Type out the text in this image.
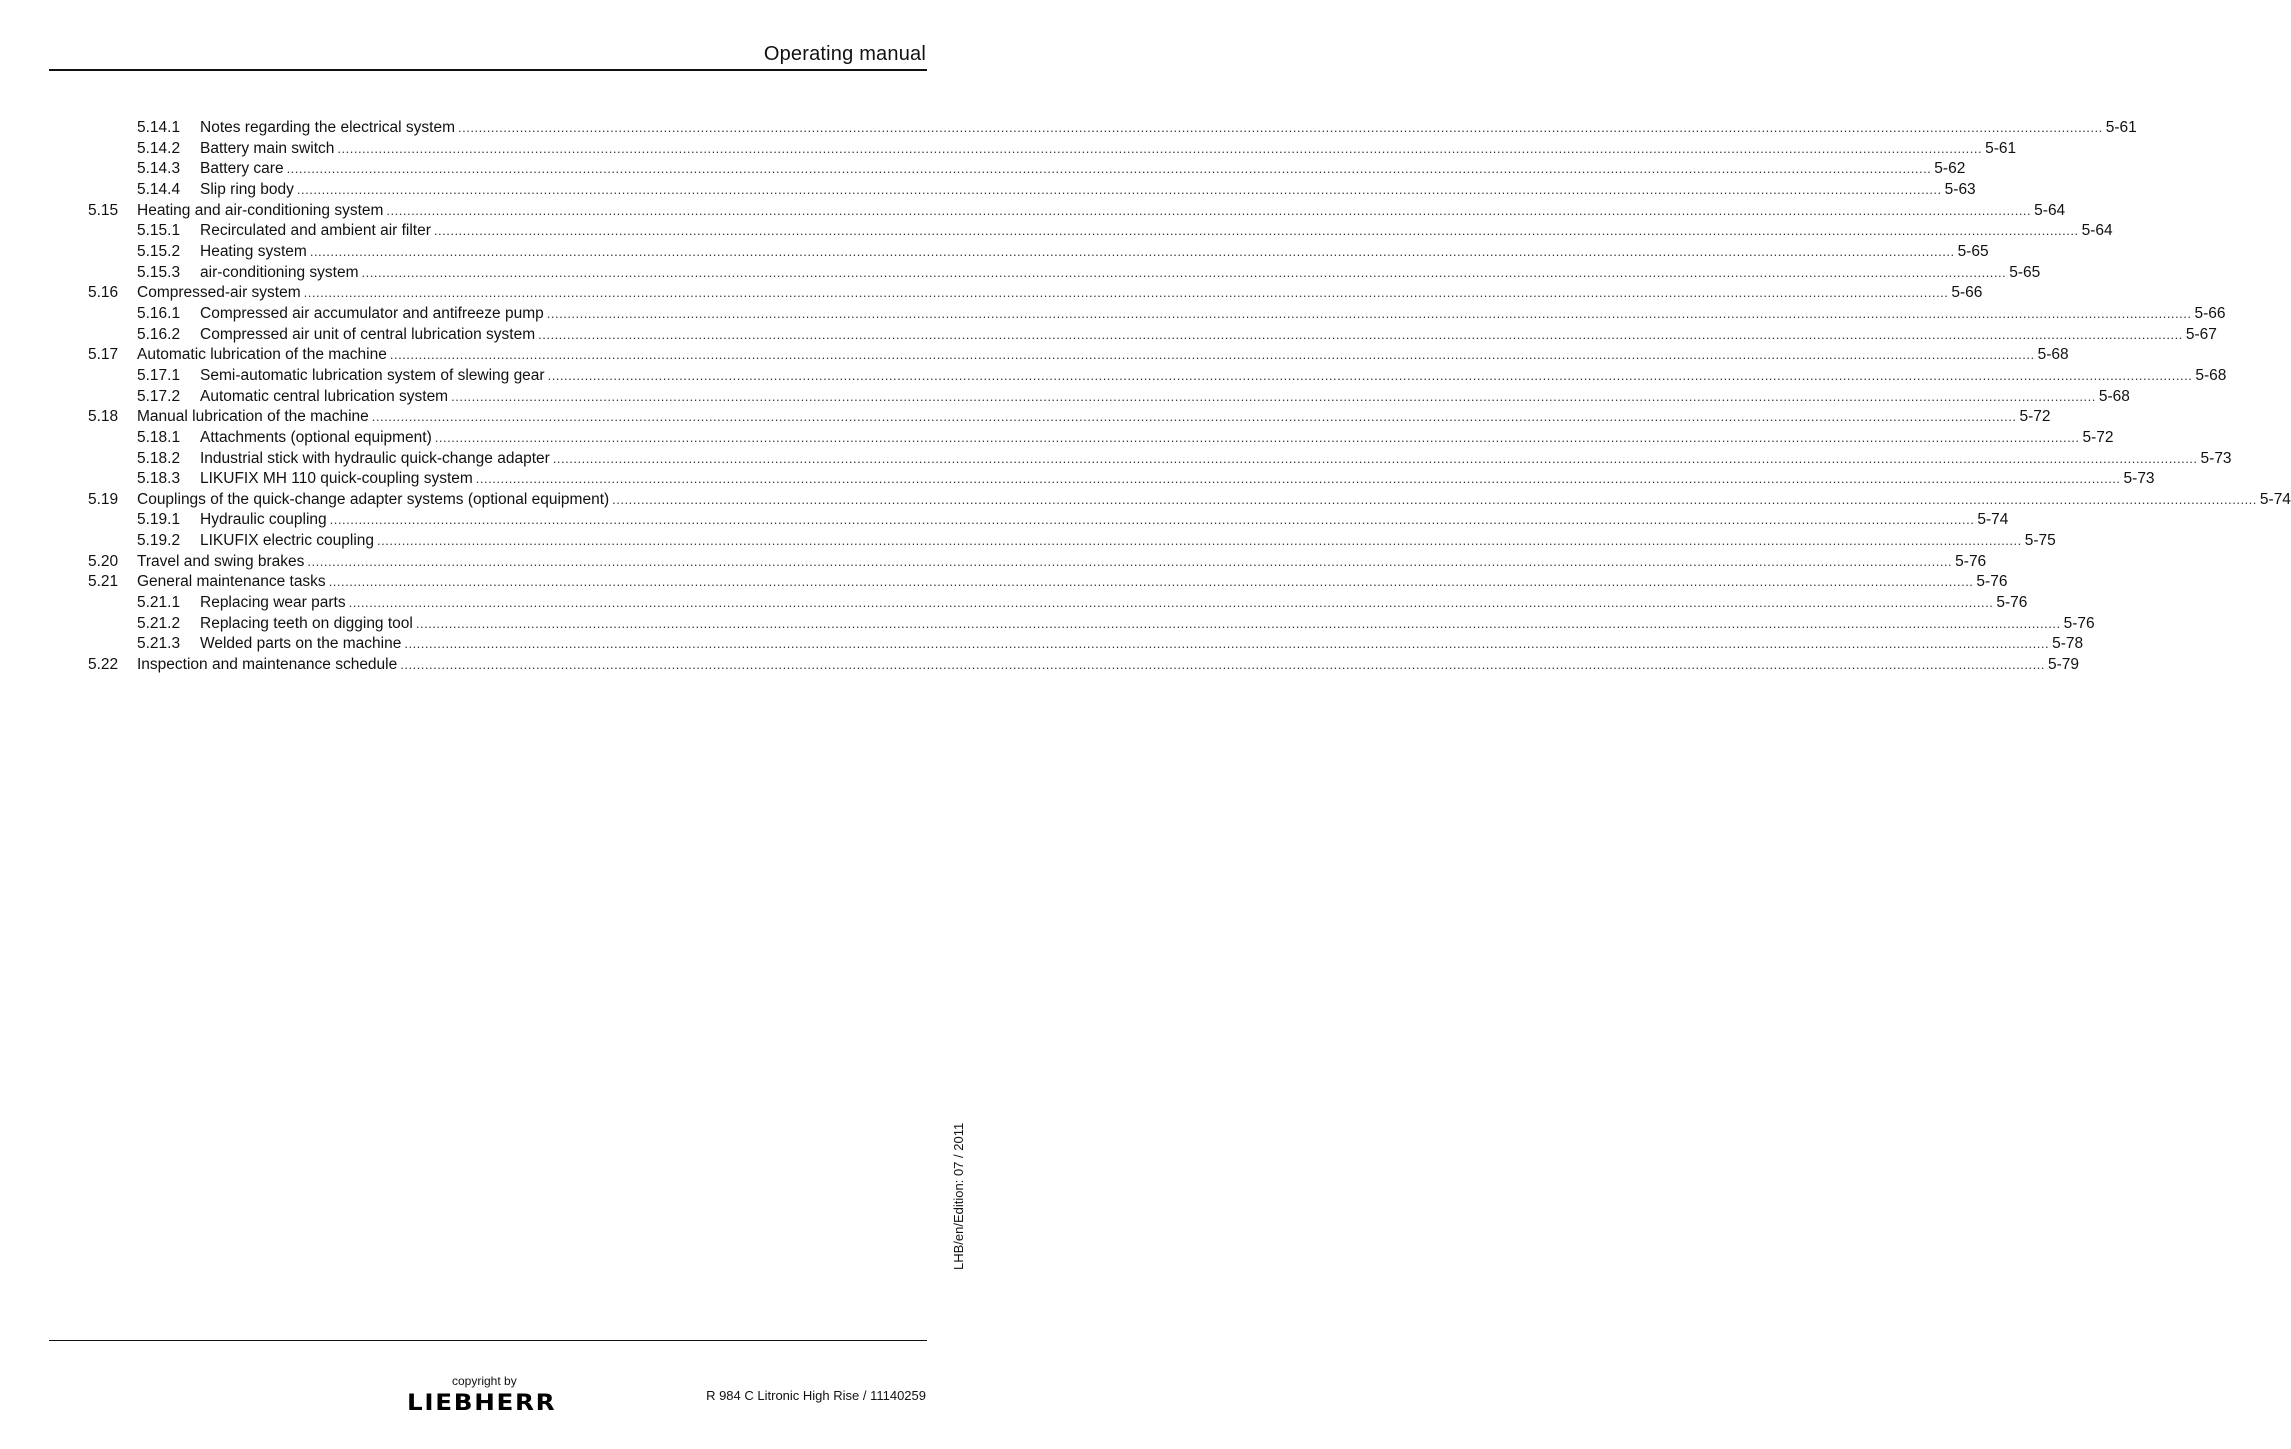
Operating manual
5.14.1 Notes regarding the electrical system ................................................................................................................................................................................................................................................................................................................................................................................................................ 5-61
5.14.2 Battery main switch ................................................................................................................................................................................................................................................................................................................................................................................................................ 5-61
5.14.3 Battery care ................................................................................................................................................................................................................................................................................................................................................................................................................ 5-62
5.14.4 Slip ring body ................................................................................................................................................................................................................................................................................................................................................................................................................ 5-63
5.15 Heating and air-conditioning system ................................................................................................................................................................................................................................................................................................................................................................................................................ 5-64
5.15.1 Recirculated and ambient air filter ................................................................................................................................................................................................................................................................................................................................................................................................................ 5-64
5.15.2 Heating system ................................................................................................................................................................................................................................................................................................................................................................................................................ 5-65
5.15.3 air-conditioning system ................................................................................................................................................................................................................................................................................................................................................................................................................ 5-65
5.16 Compressed-air system ................................................................................................................................................................................................................................................................................................................................................................................................................ 5-66
5.16.1 Compressed air accumulator and antifreeze pump ................................................................................................................................................................................................................................................................................................................................................................................................................ 5-66
5.16.2 Compressed air unit of central lubrication system ................................................................................................................................................................................................................................................................................................................................................................................................................ 5-67
5.17 Automatic lubrication of the machine ................................................................................................................................................................................................................................................................................................................................................................................................................ 5-68
5.17.1 Semi-automatic lubrication system of slewing gear ................................................................................................................................................................................................................................................................................................................................................................................................................ 5-68
5.17.2 Automatic central lubrication system ................................................................................................................................................................................................................................................................................................................................................................................................................ 5-68
5.18 Manual lubrication of the machine ................................................................................................................................................................................................................................................................................................................................................................................................................ 5-72
5.18.1 Attachments (optional equipment) ................................................................................................................................................................................................................................................................................................................................................................................................................ 5-72
5.18.2 Industrial stick with hydraulic quick-change adapter ................................................................................................................................................................................................................................................................................................................................................................................................................ 5-73
5.18.3 LIKUFIX MH 110 quick-coupling system ................................................................................................................................................................................................................................................................................................................................................................................................................ 5-73
5.19 Couplings of the quick-change adapter systems (optional equipment) ................................................................................................................................................................................................................................................................................................................................................................................................................ 5-74
5.19.1 Hydraulic coupling ................................................................................................................................................................................................................................................................................................................................................................................................................ 5-74
5.19.2 LIKUFIX electric coupling ................................................................................................................................................................................................................................................................................................................................................................................................................ 5-75
5.20 Travel and swing brakes ................................................................................................................................................................................................................................................................................................................................................................................................................ 5-76
5.21 General maintenance tasks ................................................................................................................................................................................................................................................................................................................................................................................................................ 5-76
5.21.1 Replacing wear parts ................................................................................................................................................................................................................................................................................................................................................................................................................ 5-76
5.21.2 Replacing teeth on digging tool ................................................................................................................................................................................................................................................................................................................................................................................................................ 5-76
5.21.3 Welded parts on the machine ................................................................................................................................................................................................................................................................................................................................................................................................................ 5-78
5.22 Inspection and maintenance schedule ................................................................................................................................................................................................................................................................................................................................................................................................................ 5-79
LHB/en/Edition: 07 / 2011
copyright by
LIEBHERR	R 984 C Litronic High Rise / 11140259
